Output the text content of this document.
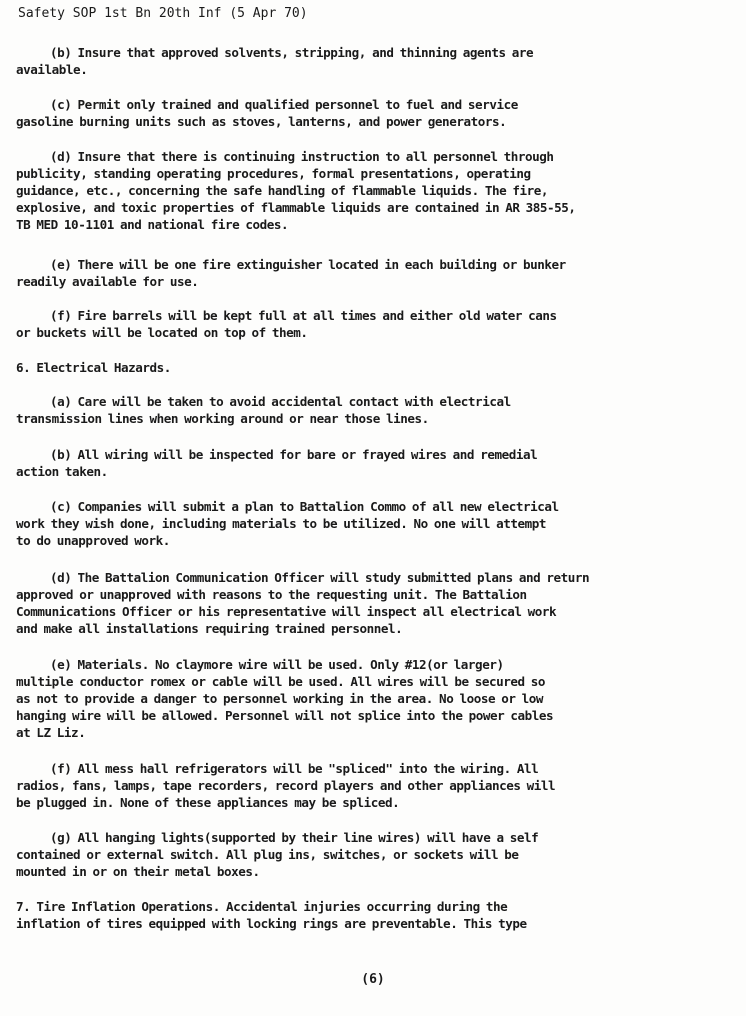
Safety SOP 1st Bn 20th Inf (5 Apr 70)
(b) Insure that approved solvents, stripping, and thinning agents are
available.
(c) Permit only trained and qualified personnel to fuel and service
gasoline burning units such as stoves, lanterns, and power generators.
(d) Insure that there is continuing instruction to all personnel through
publicity, standing operating procedures, formal presentations, operating
guidance, etc., concerning the safe handling of flammable liquids. The fire,
explosive, and toxic properties of flammable liquids are contained in AR 385-55,
TB MED 10-1101 and national fire codes.
(e) There will be one fire extinguisher located in each building or bunker
readily available for use.
(f) Fire barrels will be kept full at all times and either old water cans
or buckets will be located on top of them.
6. Electrical Hazards.
(a) Care will be taken to avoid accidental contact with electrical
transmission lines when working around or near those lines.
(b) All wiring will be inspected for bare or frayed wires and remedial
action taken.
(c) Companies will submit a plan to Battalion Commo of all new electrical
work they wish done, including materials to be utilized. No one will attempt
to do unapproved work.
(d) The Battalion Communication Officer will study submitted plans and return
approved or unapproved with reasons to the requesting unit. The Battalion
Communications Officer or his representative will inspect all electrical work
and make all installations requiring trained personnel.
(e) Materials. No claymore wire will be used. Only #12(or larger)
multiple conductor romex or cable will be used. All wires will be secured so
as not to provide a danger to personnel working in the area. No loose or low
hanging wire will be allowed. Personnel will not splice into the power cables
at LZ Liz.
(f) All mess hall refrigerators will be "spliced" into the wiring. All
radios, fans, lamps, tape recorders, record players and other appliances will
be plugged in. None of these appliances may be spliced.
(g) All hanging lights(supported by their line wires) will have a self
contained or external switch. All plug ins, switches, or sockets will be
mounted in or on their metal boxes.
7. Tire Inflation Operations. Accidental injuries occurring during the
inflation of tires equipped with locking rings are preventable. This type
(6)
